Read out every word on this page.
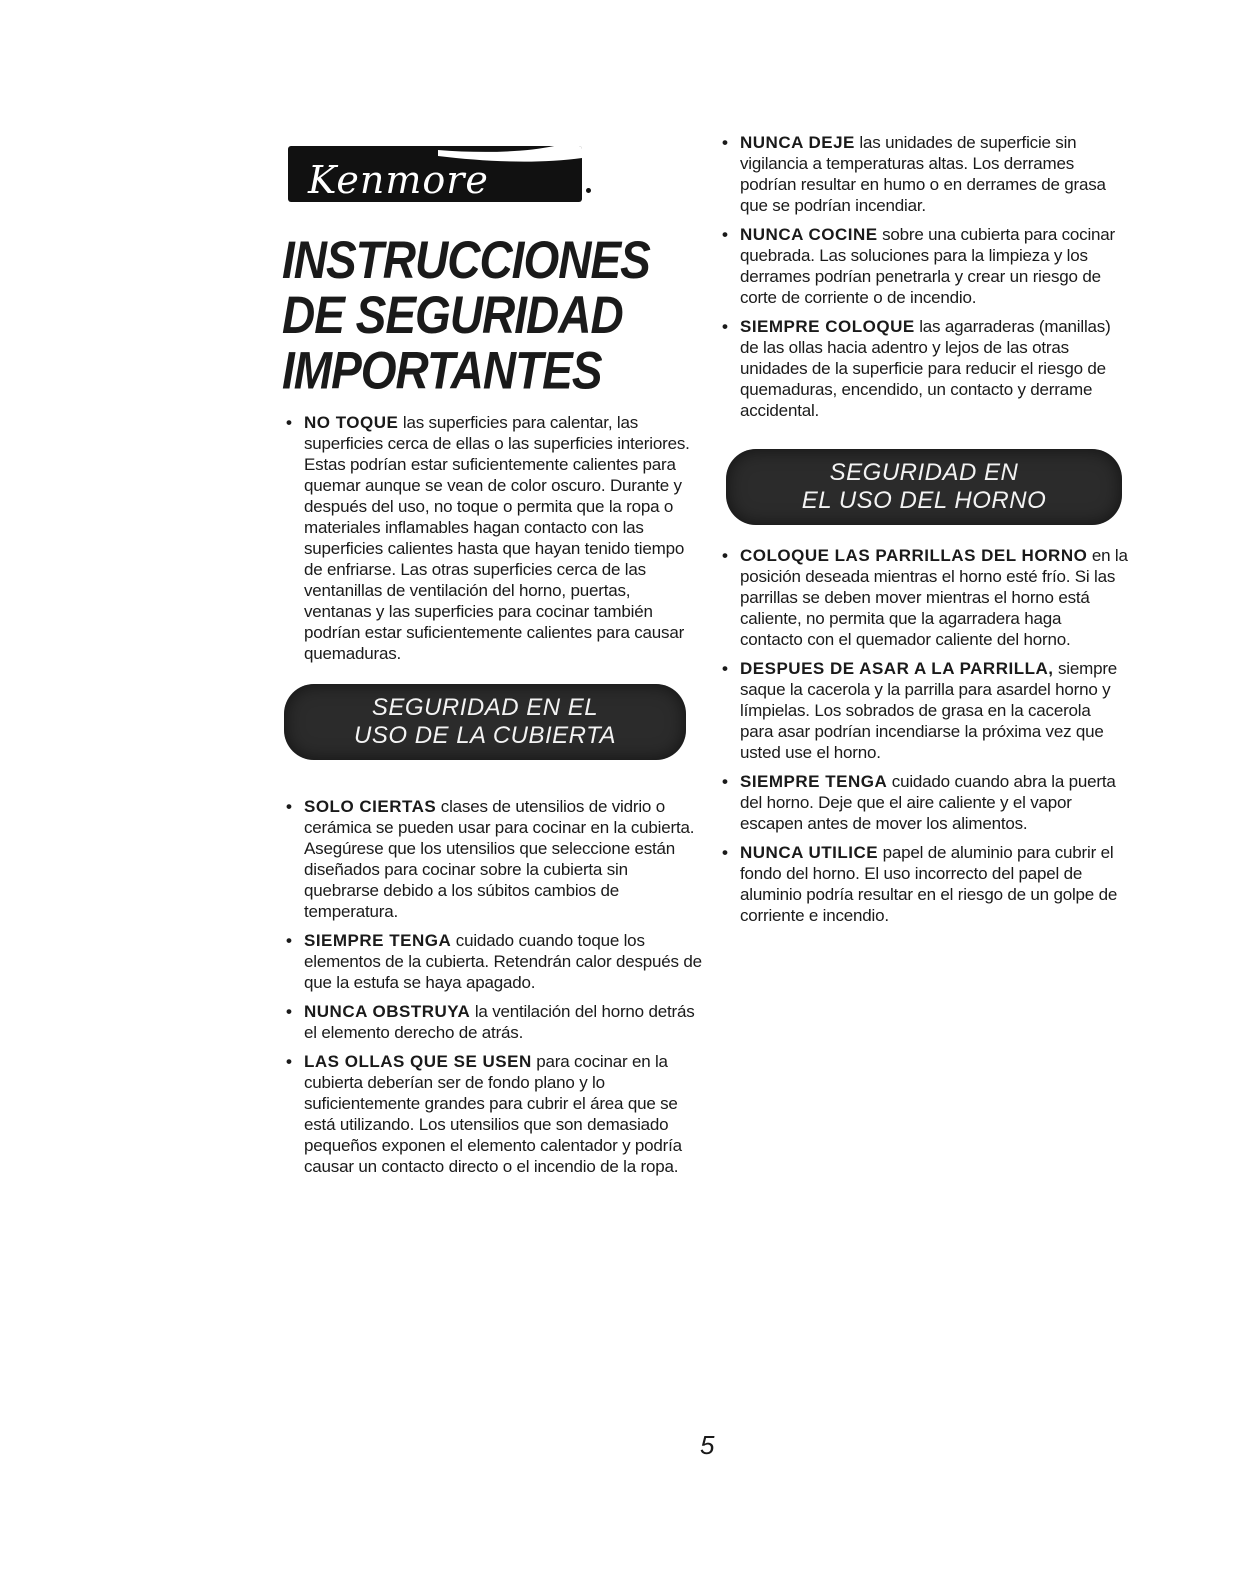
Kenmore
INSTRUCCIONES
DE SEGURIDAD
IMPORTANTES
• NO TOQUE las superficies para calentar, las superficies cerca de ellas o las superficies interiores. Estas podrían estar suficientemente calientes para quemar aunque se vean de color oscuro. Durante y después del uso, no toque o permita que la ropa o materiales inflamables hagan contacto con las superficies calientes hasta que hayan tenido tiempo de enfriarse. Las otras superficies cerca de las ventanillas de ventilación del horno, puertas, ventanas y las superficies para cocinar también podrían estar suficientemente calientes para causar quemaduras.
SEGURIDAD EN EL
USO DE LA CUBIERTA
• SOLO CIERTAS clases de utensilios de vidrio o cerámica se pueden usar para cocinar en la cubierta. Asegúrese que los utensilios que seleccione están diseñados para cocinar sobre la cubierta sin quebrarse debido a los súbitos cambios de temperatura.
• SIEMPRE TENGA cuidado cuando toque los elementos de la cubierta. Retendrán calor después de que la estufa se haya apagado.
• NUNCA OBSTRUYA la ventilación del horno detrás el elemento derecho de atrás.
• LAS OLLAS QUE SE USEN para cocinar en la cubierta deberían ser de fondo plano y lo suficientemente grandes para cubrir el área que se está utilizando. Los utensilios que son demasiado pequeños exponen el elemento calentador y podría causar un contacto directo o el incendio de la ropa.
• NUNCA DEJE las unidades de superficie sin vigilancia a temperaturas altas. Los derrames podrían resultar en humo o en derrames de grasa que se podrían incendiar.
• NUNCA COCINE sobre una cubierta para cocinar quebrada. Las soluciones para la limpieza y los derrames podrían penetrarla y crear un riesgo de corte de corriente o de incendio.
• SIEMPRE COLOQUE las agarraderas (manillas) de las ollas hacia adentro y lejos de las otras unidades de la superficie para reducir el riesgo de quemaduras, encendido, un contacto y derrame accidental.
SEGURIDAD EN
EL USO DEL HORNO
• COLOQUE LAS PARRILLAS DEL HORNO en la posición deseada mientras el horno esté frío. Si las parrillas se deben mover mientras el horno está caliente, no permita que la agarradera haga contacto con el quemador caliente del horno.
• DESPUES DE ASAR A LA PARRILLA, siempre saque la cacerola y la parrilla para asardel horno y límpielas. Los sobrados de grasa en la cacerola para asar podrían incendiarse la próxima vez que usted use el horno.
• SIEMPRE TENGA cuidado cuando abra la puerta del horno. Deje que el aire caliente y el vapor escapen antes de mover los alimentos.
• NUNCA UTILICE papel de aluminio para cubrir el fondo del horno. El uso incorrecto del papel de aluminio podría resultar en el riesgo de un golpe de corriente e incendio.
5
